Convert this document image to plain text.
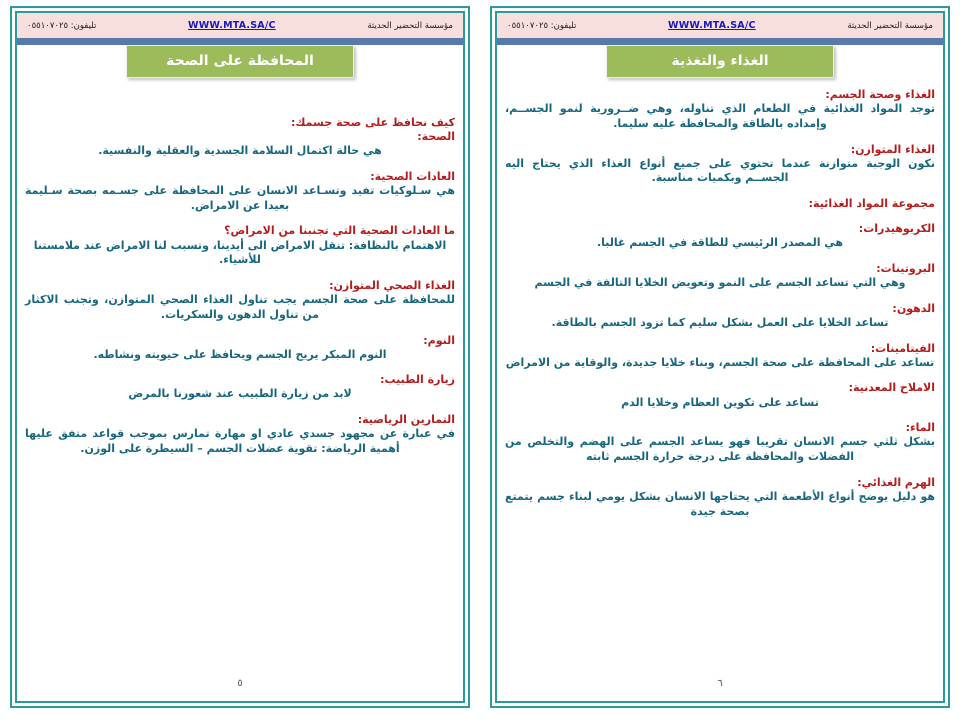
مؤسسة التحضير الحديثة
WWW.MTA.SA/C
تليفون: ٠٥٥١٠٧٠٢٥
الغذاء والتغذية

الغذاء وصحة الجسم:

توجد المواد الغذائية في الطعام الذي تناوله، وهي ضــرورية لنمو الجســم، وإمداده بالطاقة والمحافظة عليه سليما.

الغذاء المتوازن:

نكون الوجبة متوازنة عندما تحتوي على جميع أنواع الغذاء الذي يحتاج اليه الجســم وبكميات مناسبة.

مجموعة المواد الغذائية:

الكربوهيدرات:

هي المصدر الرئيسي للطاقة في الجسم غالبا.

البروتينات:

وهي التي تساعد الجسم على النمو وتعويض الخلايا التالفة في الجسم

الدهون:

تساعد الخلايا على العمل بشكل سليم كما تزود الجسم بالطاقة.

الفيتامينات:

تساعد على المحافظة على صحة الجسم، وبناء خلايا جديدة، والوقاية من الامراض

الاملاح المعدنية:

تساعد على تكوين العظام وخلايا الدم

الماء:

بشكل ثلثي جسم الانسان تقريبا فهو يساعد الجسم على الهضم والتخلص من الفضلات والمحافظة على درجة حرارة الجسم ثابته

الهرم الغذائي:

هو دليل يوضح أنواع الأطعمة التي يحتاجها الانسان بشكل يومي لبناء جسم يتمتع بصحة جيدة

٦
مؤسسة التحضير الحديثة
WWW.MTA.SA/C
تليفون: ٠٥٥١٠٧٠٢٥
المحافظة على الصحة

كيف نحافظ على صحة جسمك:

الصحة:

هي حالة اكتمال السلامة الجسدية والعقلية والنفسية.

العادات الصحية:

هي سـلوكيات تفيد وتسـاعد الانسان على المحافظة على جسـمه بصحة سـليمة بعيدا عن الامراض.

ما العادات الصحية التي تجنبنا من الامراض؟

الاهتمام بالنظافة: تنقل الامراض الى أيدينا، وتسبب لنا الامراض عند ملامستنا للأشياء.

الغذاء الصحي المتوازن:

للمحافظة على صحة الجسم يجب تناول الغذاء الصحي المتوازن، وتجنب الاكثار من تناول الدهون والسكريات.

النوم:

النوم المبكر يريح الجسم ويحافظ على حيويته ونشاطه.

زيارة الطبيب:

لابد من زيارة الطبيب عند شعورنا بالمرض

التمارين الرياضية:

في عبارة عن مجهود جسدي عادي او مهارة تمارس بموجب قواعد متفق عليها أهمية الرياضة: تقوية عضلات الجسم – السيطرة على الوزن.

٥
